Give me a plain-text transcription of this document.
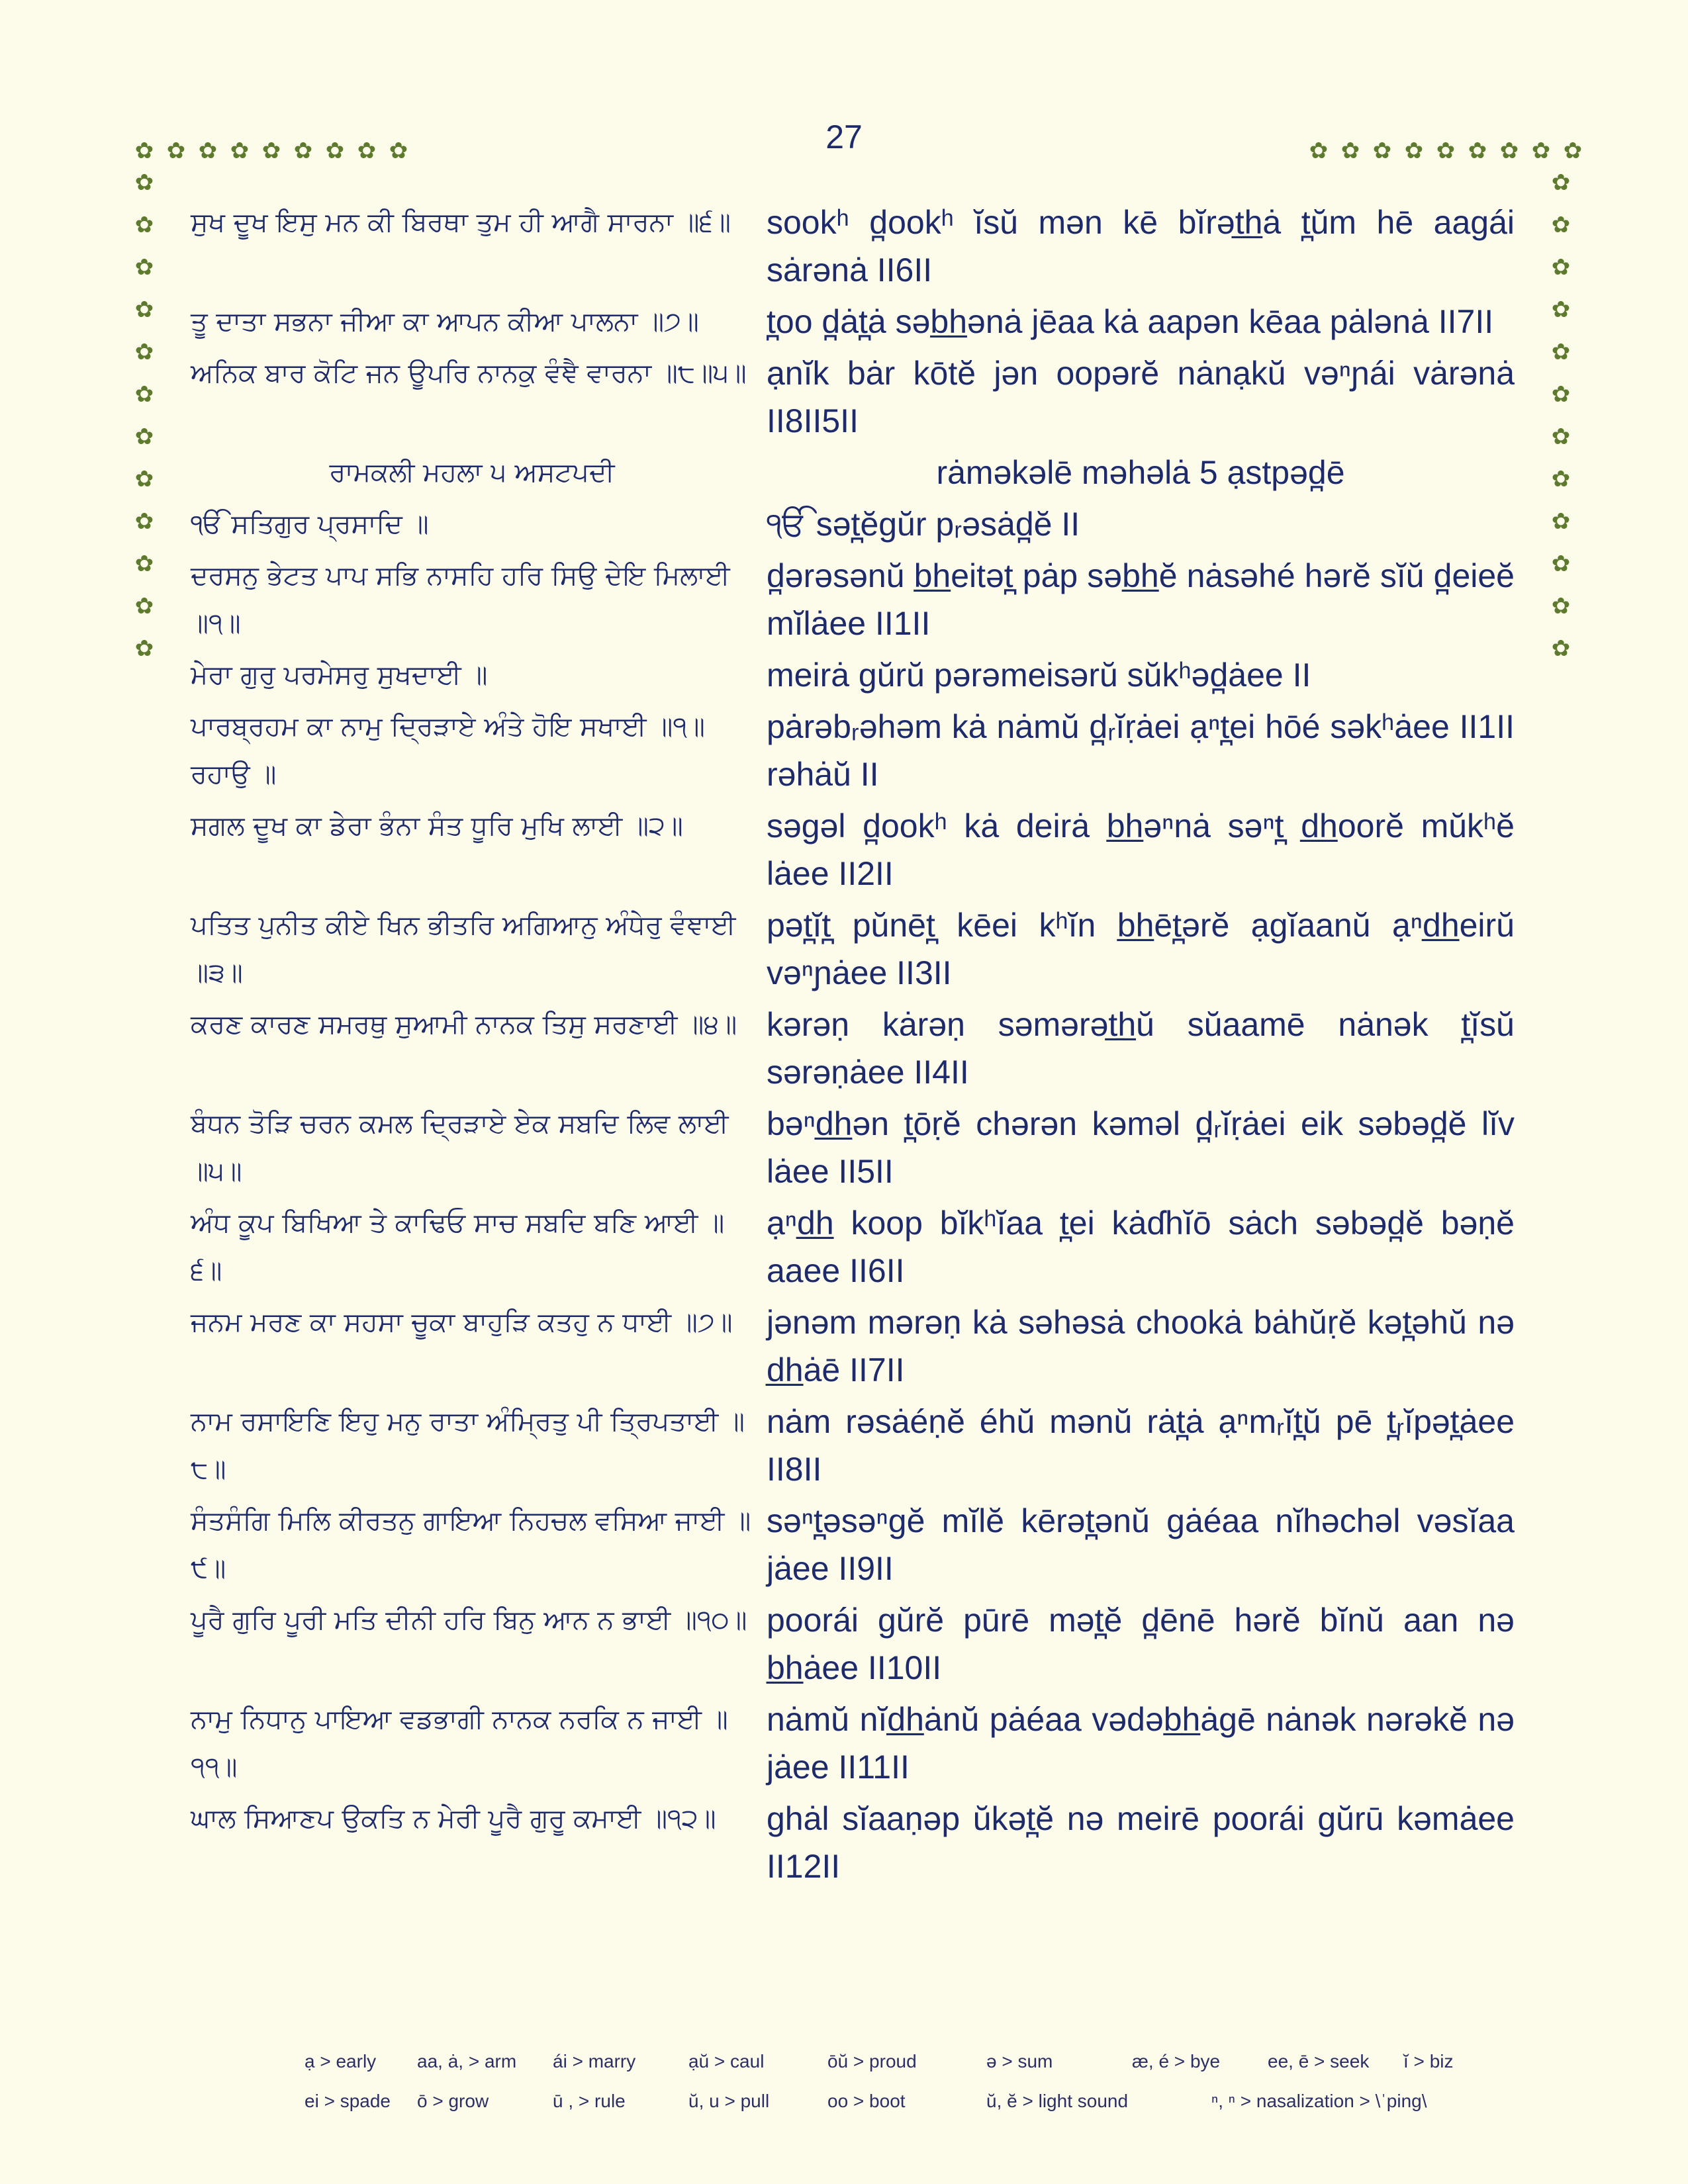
27
✿ ✿ ✿ ✿ ✿ ✿ ✿ ✿ ✿	✿ ✿ ✿ ✿ ✿ ✿ ✿ ✿ ✿
✿
✿
✿
✿
✿
✿
✿
✿
✿
✿
✿
✿
✿
✿
✿
✿
✿
✿
✿
✿
✿
✿
✿
✿
ਸੁਖ ਦੂਖ ਇਸੁ ਮਨ ਕੀ ਬਿਰਥਾ ਤੁਮ ਹੀ ਆਗੈ ਸਾਰਨਾ ॥੬॥	sookʰ d̪ookʰ ĭsŭ mən kē bĭrət̲h̲ȧ t̪ŭm hē aagái sȧrənȧ II6II
ਤੂ ਦਾਤਾ ਸਭਨਾ ਜੀਆ ਕਾ ਆਪਨ ਕੀਆ ਪਾਲਨਾ ॥੭॥	t̪oo d̪ȧt̪ȧ səb̲h̲ənȧ jēaa kȧ aapən kēaa pȧlənȧ II7II
ਅਨਿਕ ਬਾਰ ਕੋਟਿ ਜਨ ਊਪਰਿ ਨਾਨਕੁ ਵੰਞੈ ਵਾਰਨਾ ॥੮॥੫॥ ạnĭk bȧr kōtĕ jən oopərĕ nȧnạkŭ vəⁿɲái vȧrənȧ II8II5II
ਰਾਮਕਲੀ ਮਹਲਾ ੫ ਅਸਟਪਦੀ	rȧməkəlē məhəlȧ 5 ạstpəd̪ē
ੴ ਸਤਿਗੁਰ ਪ੍ਰਸਾਦਿ ॥	ੴ sət̪ĕgŭr pᵣəsȧd̪ĕ II
ਦਰਸਨੁ ਭੇਟਤ ਪਾਪ ਸਭਿ ਨਾਸਹਿ ਹਰਿ ਸਿਉ ਦੇਇ ਮਿਲਾਈ ॥੧॥
d̪ərəsənŭ b̲h̲eitət̪ pȧp səb̲h̲ĕ nȧsəhé hərĕ sĭŭ d̪eieĕ mĭlȧee II1II
ਮੇਰਾ ਗੁਰੁ ਪਰਮੇਸਰੁ ਸੁਖਦਾਈ ॥	meirȧ gŭrŭ pərəmeisərŭ sŭkʰəd̪ȧee II
ਪਾਰਬ੍ਰਹਮ ਕਾ ਨਾਮੁ ਦ੍ਰਿੜਾਏ ਅੰਤੇ ਹੋਇ ਸਖਾਈ ॥੧॥ ਰਹਾਉ ॥
pȧrəbᵣəhəm kȧ nȧmŭ d̪ᵣĭṛȧei ạⁿt̪ei hōé səkʰȧee II1II rəhȧŭ II
ਸਗਲ ਦੂਖ ਕਾ ਡੇਰਾ ਭੰਨਾ ਸੰਤ ਧੂਰਿ ਮੁਖਿ ਲਾਈ ॥੨॥	səgəl d̪ookʰ kȧ deirȧ b̲h̲əⁿnȧ səⁿt̪ d̲h̲oorĕ mŭkʰĕ lȧee II2II
ਪਤਿਤ ਪੁਨੀਤ ਕੀਏ ਖਿਨ ਭੀਤਰਿ ਅਗਿਆਨੁ ਅੰਧੇਰੁ ਵੰਞਾਈ ॥੩॥
pət̪ĭt̪ pŭnēt̪ kēei kʰĭn b̲h̲ēt̪ərĕ ạgĭaanŭ ạⁿd̲h̲eirŭ vəⁿɲȧee II3II
ਕਰਣ ਕਾਰਣ ਸਮਰਥੁ ਸੁਆਮੀ ਨਾਨਕ ਤਿਸੁ ਸਰਣਾਈ ॥੪॥ kərəṇ kȧrəṇ səmərət̲h̲ŭ sŭaamē nȧnək t̪ĭsŭ sərəṇȧee II4II
ਬੰਧਨ ਤੋੜਿ ਚਰਨ ਕਮਲ ਦ੍ਰਿੜਾਏ ਏਕ ਸਬਦਿ ਲਿਵ ਲਾਈ ॥੫॥
bəⁿd̲h̲ən t̪ōṛĕ chərən kəməl d̪ᵣĭṛȧei eik səbəd̪ĕ lĭv lȧee II5II
ਅੰਧ ਕੂਪ ਬਿਖਿਆ ਤੇ ਕਾਢਿਓ ਸਾਚ ਸਬਦਿ ਬਣਿ ਆਈ ॥੬॥
ạⁿd̲h̲ koop bĭkʰĭaa t̪ei kȧɗhĭō sȧch səbəd̪ĕ bəṇĕ aaee II6II
ਜਨਮ ਮਰਣ ਕਾ ਸਹਸਾ ਚੂਕਾ ਬਾਹੁੜਿ ਕਤਹੁ ਨ ਧਾਈ ॥੭॥	jənəm mərəṇ kȧ səhəsȧ chookȧ bȧhŭṛĕ kət̪əhŭ nə d̲h̲ȧē II7II
ਨਾਮ ਰਸਾਇਣਿ ਇਹੁ ਮਨੁ ਰਾਤਾ ਅੰਮ੍ਰਿਤੁ ਪੀ ਤ੍ਰਿਪਤਾਈ ॥੮॥
nȧm rəsȧéṇĕ éhŭ mənŭ rȧt̪ȧ ạⁿmᵣĭt̪ŭ pē t̪ᵣĭpət̪ȧee II8II
ਸੰਤਸੰਗਿ ਮਿਲਿ ਕੀਰਤਨੁ ਗਾਇਆ ਨਿਹਚਲ ਵਸਿਆ ਜਾਈ ॥੯॥
səⁿt̪əsəⁿgĕ mĭlĕ kērət̪ənŭ gȧéaa nĭhəchəl vəsĭaa jȧee II9II
ਪੂਰੈ ਗੁਰਿ ਪੂਰੀ ਮਤਿ ਦੀਨੀ ਹਰਿ ਬਿਨੁ ਆਨ ਨ ਭਾਈ ॥੧੦॥ poorái gŭrĕ pūrē mət̪ĕ d̪ēnē hərĕ bĭnŭ aan nə b̲h̲ȧee II10II
ਨਾਮੁ ਨਿਧਾਨੁ ਪਾਇਆ ਵਡਭਾਗੀ ਨਾਨਕ ਨਰਕਿ ਨ ਜਾਈ ॥੧੧॥
nȧmŭ nĭd̲h̲ȧnŭ pȧéaa vədəb̲h̲ȧgē nȧnək nərəkĕ nə jȧee II11II
ਘਾਲ ਸਿਆਣਪ ਉਕਤਿ ਨ ਮੇਰੀ ਪੂਰੈ ਗੁਰੂ ਕਮਾਈ ॥੧੨॥	ghȧl sĭaaṇəp ŭkət̪ĕ nə meirē poorái gŭrū kəmȧee II12II
ạ > early	aa, ȧ, > arm	ái > marry	ạŭ > caul	ōŭ > proud	ə > sum	æ, é > bye	ee, ē > seek	ĭ > biz
ei > spade	ō > grow	ū , > rule	ŭ, u > pull	oo > boot	ŭ, ĕ > light sound	ⁿ, ⁿ > nasalization > \ˈping\
